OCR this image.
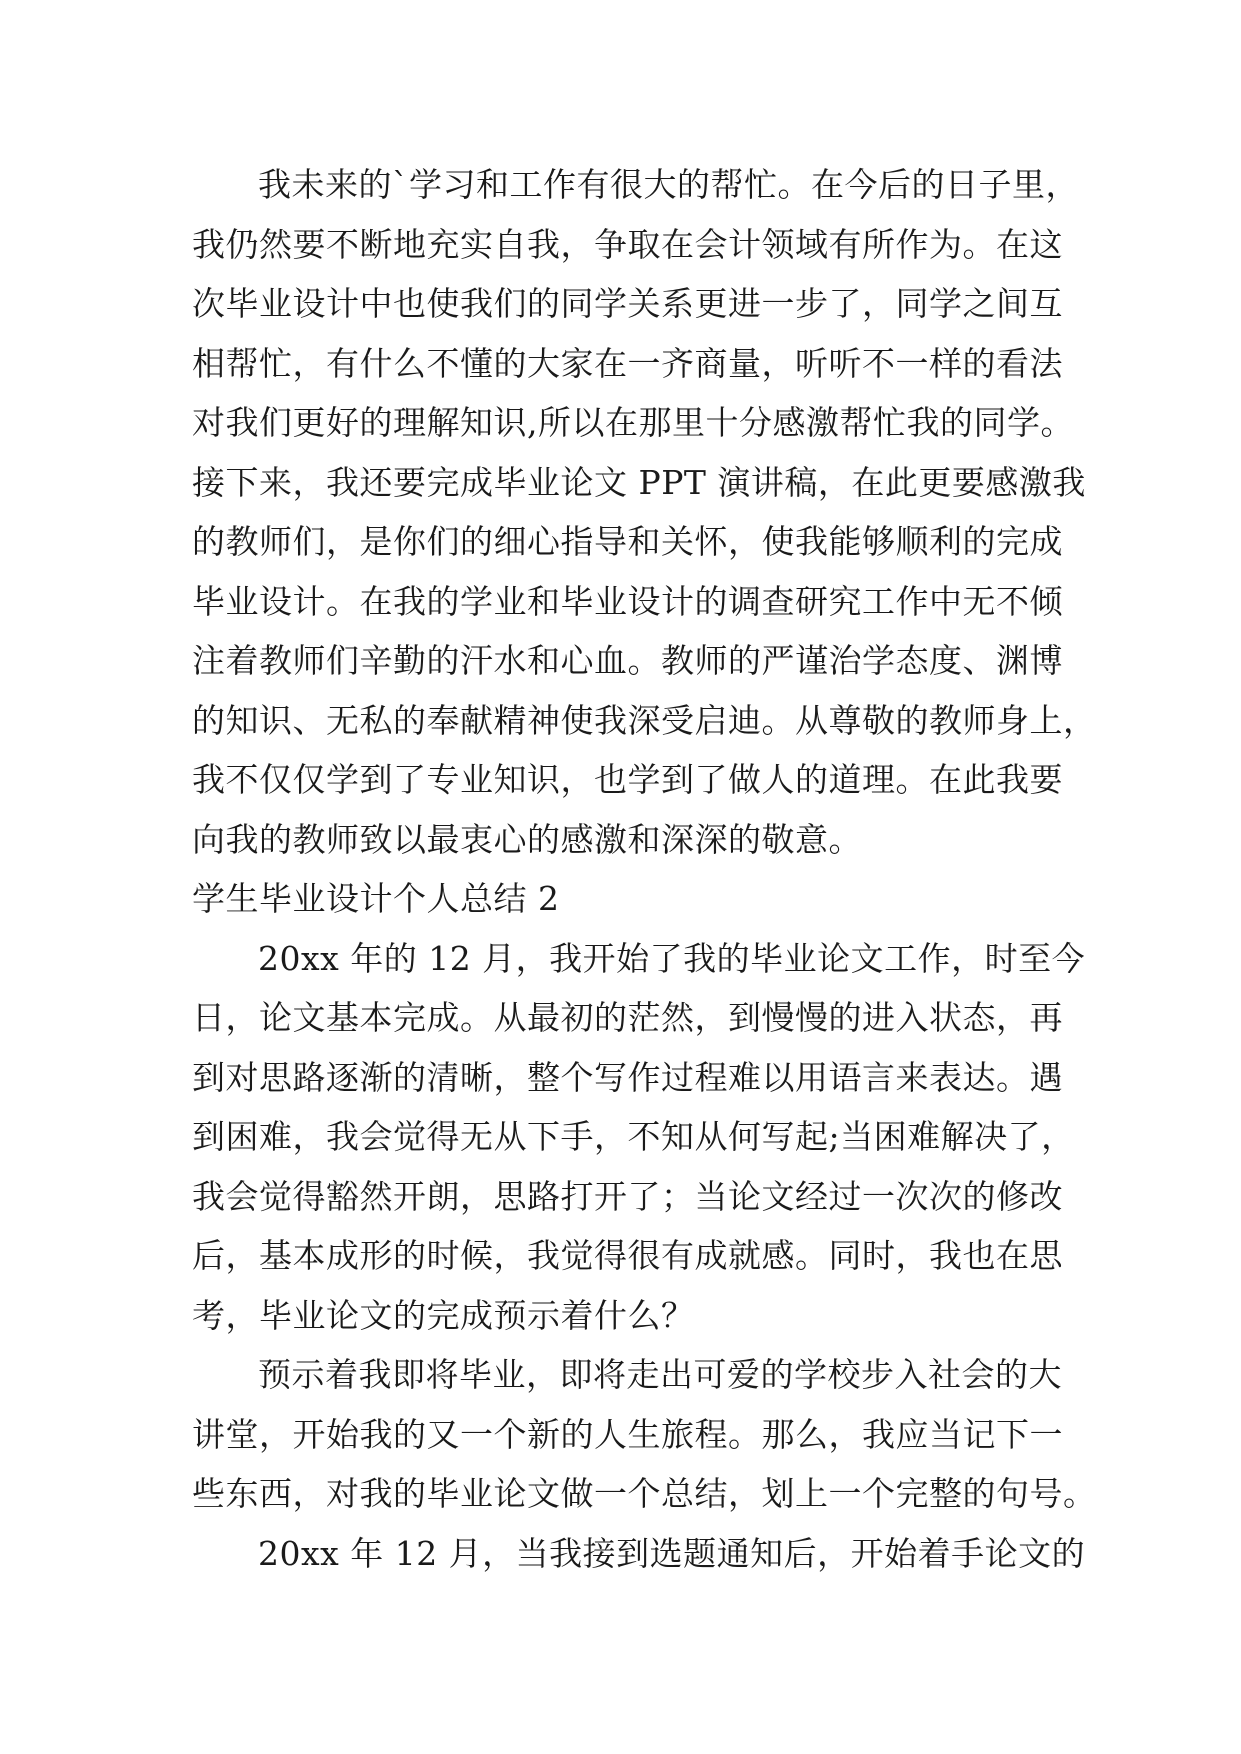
我未来的`学习和工作有很大的帮忙。在今后的日子里，
我仍然要不断地充实自我，争取在会计领域有所作为。在这
次毕业设计中也使我们的同学关系更进一步了，同学之间互
相帮忙，有什么不懂的大家在一齐商量，听听不一样的看法
对我们更好的理解知识,所以在那里十分感激帮忙我的同学。
接下来，我还要完成毕业论文 PPT 演讲稿，在此更要感激我
的教师们，是你们的细心指导和关怀，使我能够顺利的完成
毕业设计。在我的学业和毕业设计的调查研究工作中无不倾
注着教师们辛勤的汗水和心血。教师的严谨治学态度、渊博
的知识、无私的奉献精神使我深受启迪。从尊敬的教师身上，
我不仅仅学到了专业知识，也学到了做人的道理。在此我要
向我的教师致以最衷心的感激和深深的敬意。
学生毕业设计个人总结 2
20xx 年的 12 月，我开始了我的毕业论文工作，时至今
日，论文基本完成。从最初的茫然，到慢慢的进入状态，再
到对思路逐渐的清晰，整个写作过程难以用语言来表达。遇
到困难，我会觉得无从下手，不知从何写起;当困难解决了，
我会觉得豁然开朗，思路打开了；当论文经过一次次的修改
后，基本成形的时候，我觉得很有成就感。同时，我也在思
考，毕业论文的完成预示着什么？
预示着我即将毕业，即将走出可爱的学校步入社会的大
讲堂，开始我的又一个新的人生旅程。那么，我应当记下一
些东西，对我的毕业论文做一个总结，划上一个完整的句号。
20xx 年 12 月，当我接到选题通知后，开始着手论文的
